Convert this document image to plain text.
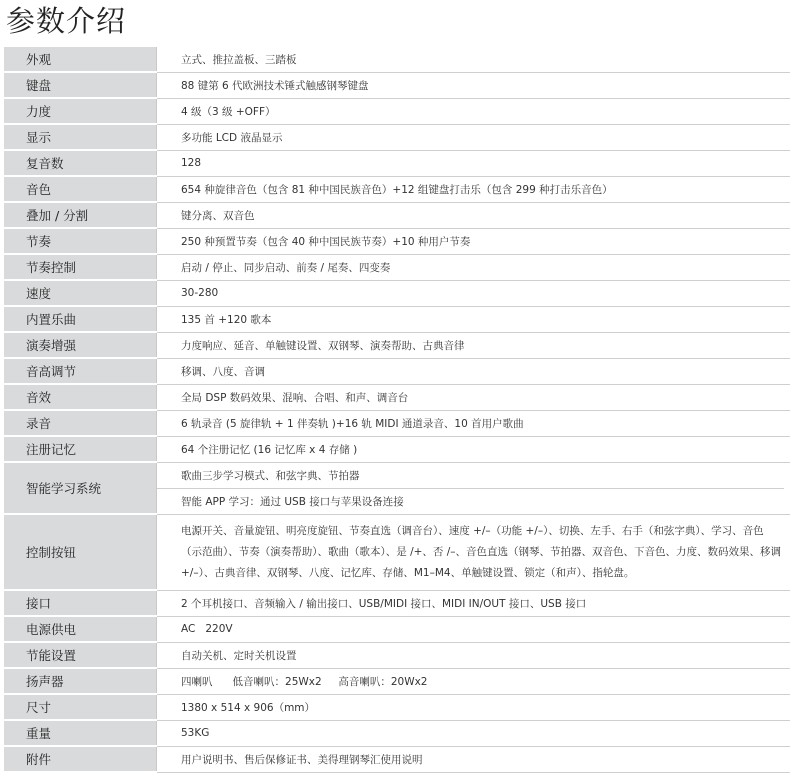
参数介绍
外观	立式、推拉盖板、三踏板
键盘	88 键第 6 代欧洲技术锤式触感钢琴键盘
力度	4 级（3 级 +OFF）
显示	多功能 LCD 液晶显示
复音数	128
音色	654 种旋律音色（包含 81 种中国民族音色）+12 组键盘打击乐（包含 299 种打击乐音色）
叠加 / 分割	键分离、双音色
节奏	250 种预置节奏（包含 40 种中国民族节奏）+10 种用户节奏
节奏控制	启动 / 停止、同步启动、前奏 / 尾奏、四变奏
速度	30-280
内置乐曲	135 首 +120 歌本
演奏增强	力度响应、延音、单触键设置、双钢琴、演奏帮助、古典音律
音高调节	移调、八度、音调
音效	全局 DSP 数码效果、混响、合唱、和声、调音台
录音	6 轨录音 (5 旋律轨 + 1 伴奏轨 )+16 轨 MIDI 通道录音、10 首用户歌曲
注册记忆	64 个注册记忆 (16 记忆库 x 4 存储 )
智能学习系统	歌曲三步学习模式、和弦字典、节拍器
智能 APP 学习：通过 USB 接口与苹果设备连接

控制按钮	电源开关、音量旋钮、明亮度旋钮、节奏直选（调音台）、速度 +/–（功能 +/–）、切换、左手、右手（和弦字典）、学习、音色（示范曲）、节奏（演奏帮助）、歌曲（歌本）、是 /+、否 /–、音色直选（钢琴、节拍器、双音色、下音色、力度、数码效果、移调 +/–）、古典音律、双钢琴、八度、记忆库、存储、M1–M4、单触键设置、锁定（和声）、指轮盘。
接口	2 个耳机接口、音频输入 / 输出接口、USB/MIDI 接口、MIDI IN/OUT 接口、USB 接口
电源供电	AC   220V
节能设置	自动关机、定时关机设置
扬声器	四喇叭      低音喇叭：25Wx2     高音喇叭：20Wx2
尺寸	1380 x 514 x 906（mm）
重量	53KG
附件	用户说明书、售后保修证书、美得理钢琴汇使用说明
